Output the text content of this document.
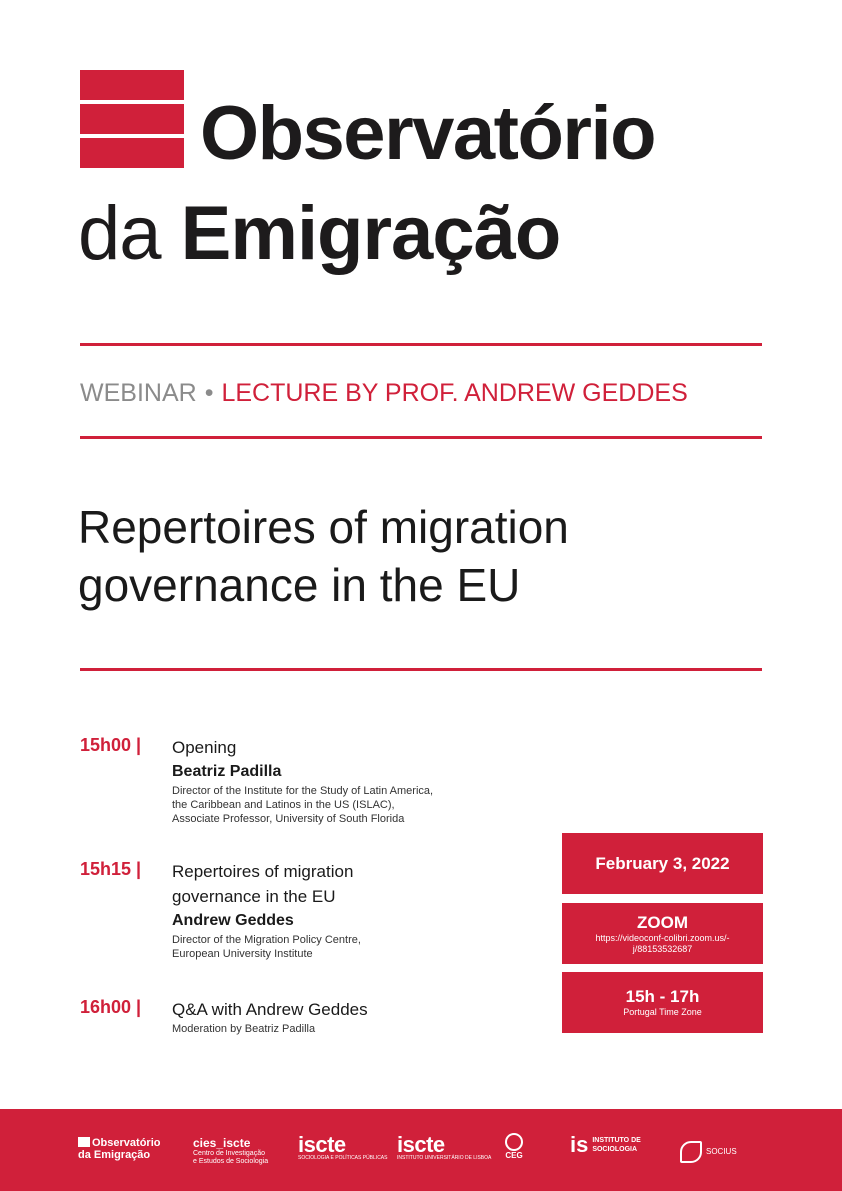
Observatório
da Emigração
WEBINAR • LECTURE BY PROF. ANDREW GEDDES
Repertoires of migration
governance in the EU
15h00 | Opening
Beatriz Padilla
Director of the Institute for the Study of Latin America,
the Caribbean and Latinos in the US (ISLAC),
Associate Professor, University of South Florida
15h15 | Repertoires of migration
governance in the EU
Andrew Geddes
Director of the Migration Policy Centre,
European University Institute
16h00 | Q&A with Andrew Geddes
Moderation by Beatriz Padilla
February 3, 2022
ZOOM
https://videoconf-colibri.zoom.us/-
j/88153532687
15h - 17h
Portugal Time Zone
Observatório
da Emigração
cies_iscte
Centro de Investigação
e Estudos de Sociologia
iscte
SOCIOLOGIA E POLÍTICAS PÚBLICAS
iscte
INSTITUTO UNIVERSITÁRIO DE LISBOA	CEG is INSTITUTO DE
SOCIOLOGIA	SOCIUS
